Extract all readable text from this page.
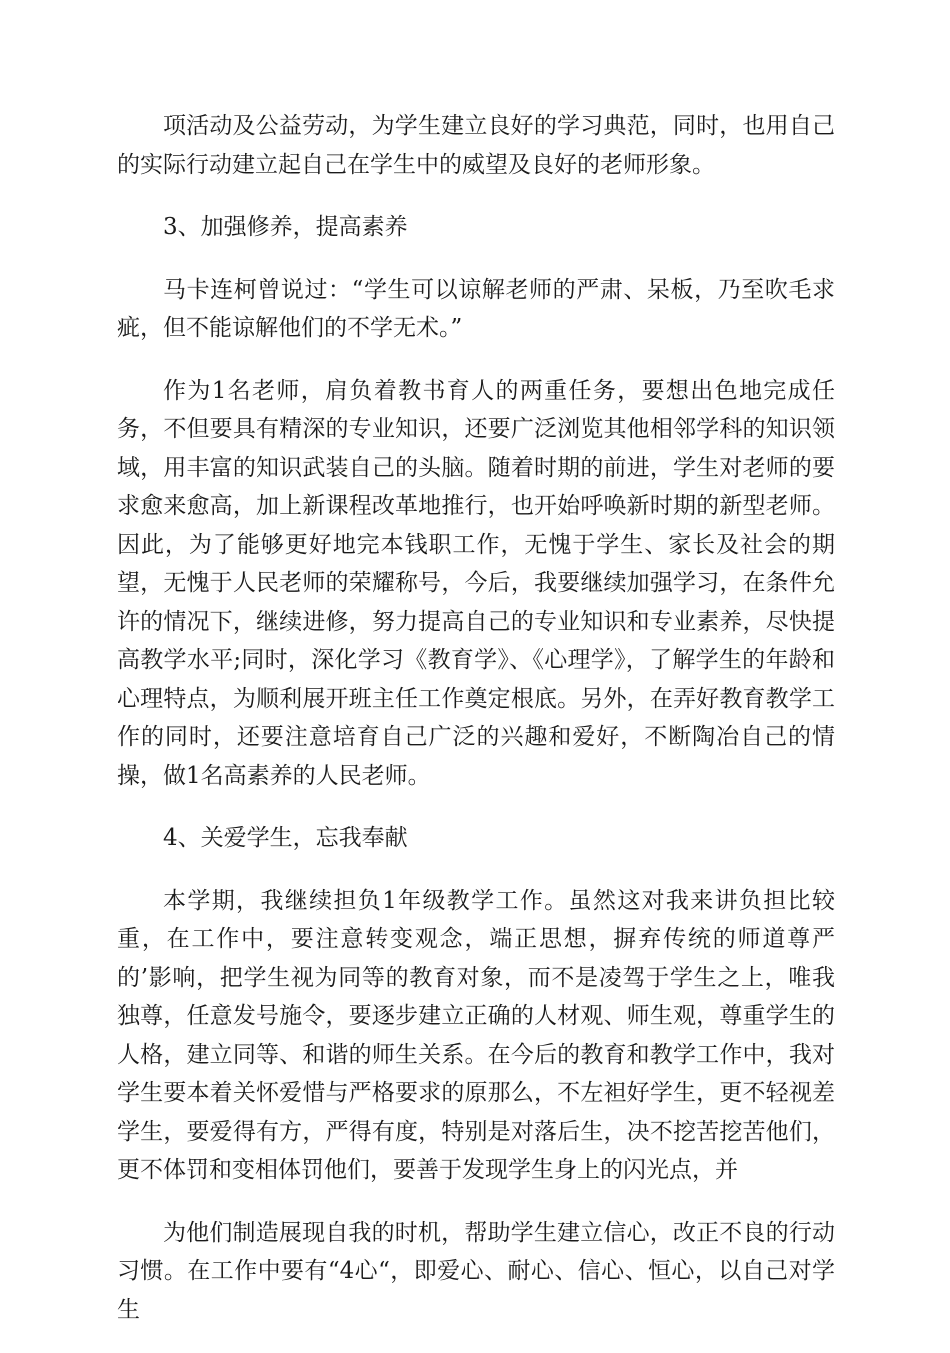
项活动及公益劳动，为学生建立良好的学习典范，同时，也用自己的实际行动建立起自己在学生中的威望及良好的老师形象。

3、加强修养，提高素养

马卡连柯曾说过：“学生可以谅解老师的严肃、呆板，乃至吹毛求疵，但不能谅解他们的不学无术。”

作为1名老师，肩负着教书育人的两重任务，要想出色地完成任务，不但要具有精深的专业知识，还要广泛浏览其他相邻学科的知识领域，用丰富的知识武装自己的头脑。随着时期的前进，学生对老师的要求愈来愈高，加上新课程改革地推行，也开始呼唤新时期的新型老师。因此，为了能够更好地完本钱职工作，无愧于学生、家长及社会的期望，无愧于人民老师的荣耀称号，今后，我要继续加强学习，在条件允许的情况下，继续进修，努力提高自己的专业知识和专业素养，尽快提高教学水平;同时，深化学习《教育学》、《心理学》，了解学生的年龄和心理特点，为顺利展开班主任工作奠定根底。另外，在弄好教育教学工作的同时，还要注意培育自己广泛的兴趣和爱好，不断陶冶自己的情操，做1名高素养的人民老师。

4、关爱学生，忘我奉献

本学期，我继续担负1年级教学工作。虽然这对我来讲负担比较重，在工作中，要注意转变观念，端正思想，摒弃传统的师道尊严的’影响，把学生视为同等的教育对象，而不是凌驾于学生之上，唯我独尊，任意发号施令，要逐步建立正确的人材观、师生观，尊重学生的人格，建立同等、和谐的师生关系。在今后的教育和教学工作中，我对学生要本着关怀爱惜与严格要求的原那么，不左袒好学生，更不轻视差学生，要爱得有方，严得有度，特别是对落后生，决不挖苦挖苦他们，更不体罚和变相体罚他们，要善于发现学生身上的闪光点，并

为他们制造展现自我的时机，帮助学生建立信心，改正不良的行动习惯。在工作中要有“4心“，即爱心、耐心、信心、恒心，以自己对学生
